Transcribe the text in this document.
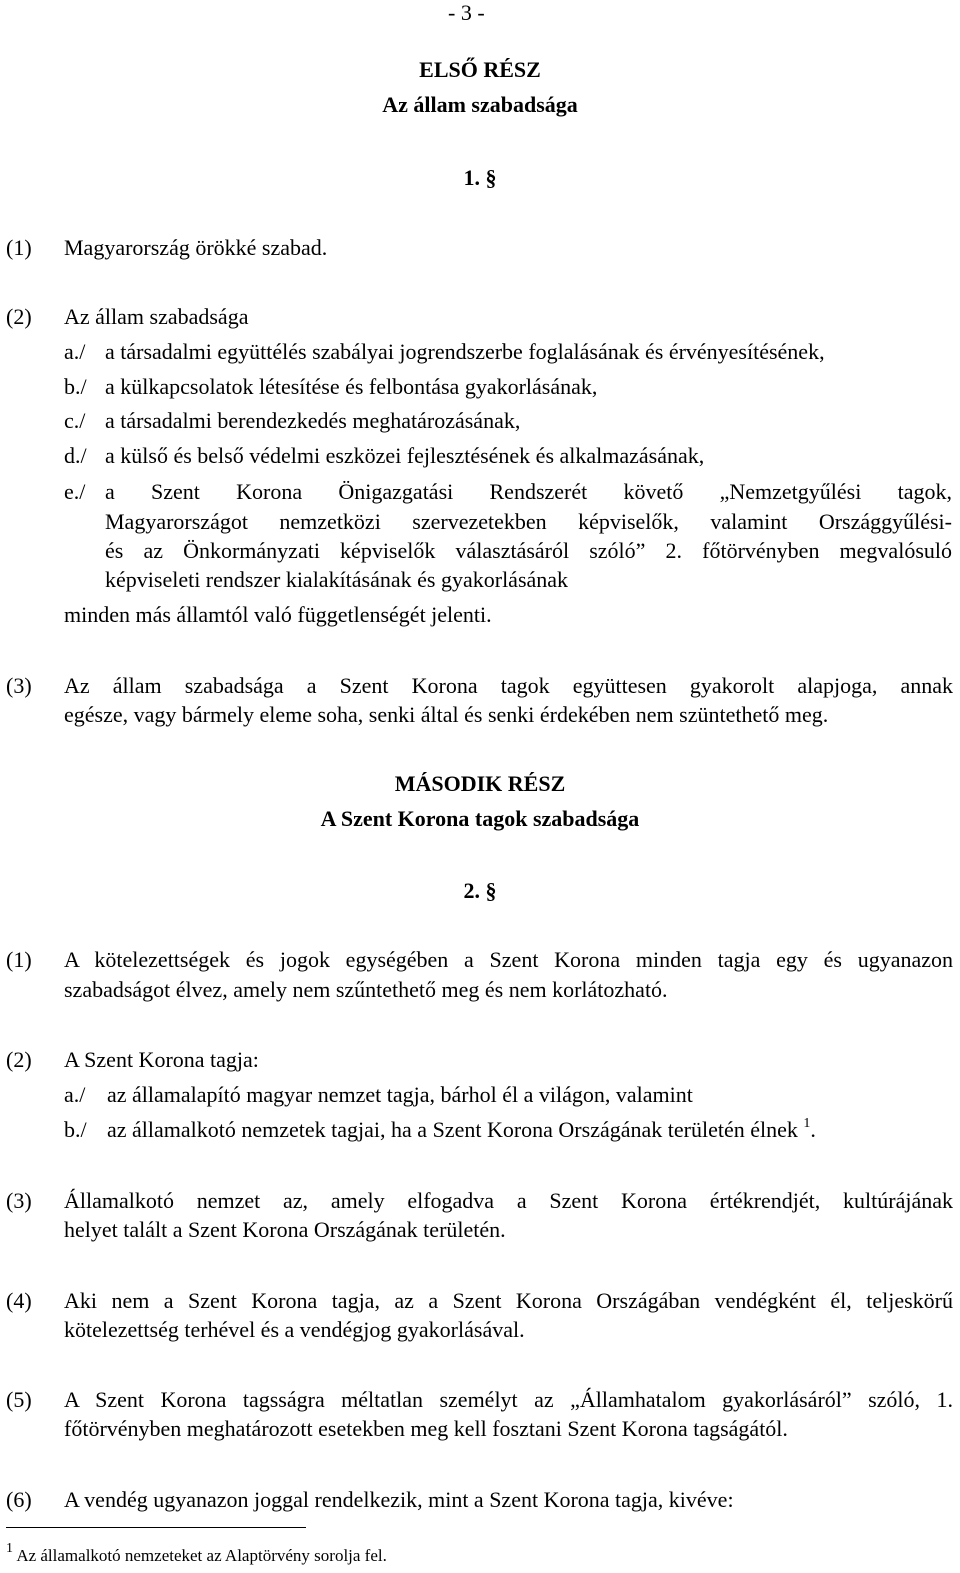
- 3 -
ELSŐ RÉSZ
Az állam szabadsága
1. §
(1) Magyarország örökké szabad.
(2) Az állam szabadsága
a./ a társadalmi együttélés szabályai jogrendszerbe foglalásának és érvényesítésének,
b./ a külkapcsolatok létesítése és felbontása gyakorlásának,
c./ a társadalmi berendezkedés meghatározásának,
d./ a külső és belső védelmi eszközei fejlesztésének és alkalmazásának,
e./ a Szent Korona Önigazgatási Rendszerét követő „Nemzetgyűlési tagok,
Magyarországot nemzetközi szervezetekben képviselők, valamint Országgyűlési-
és az Önkormányzati képviselők választásáról szóló” 2. főtörvényben megvalósuló
képviseleti rendszer kialakításának és gyakorlásának
minden más államtól való függetlenségét jelenti.
(3) Az állam szabadsága a Szent Korona tagok együttesen gyakorolt alapjoga, annak
egésze, vagy bármely eleme soha, senki által és senki érdekében nem szüntethető meg.
MÁSODIK RÉSZ
A Szent Korona tagok szabadsága
2. §
(1) A kötelezettségek és jogok egységében a Szent Korona minden tagja egy és ugyanazon
szabadságot élvez, amely nem szűntethető meg és nem korlátozható.
(2) A Szent Korona tagja:
a./ az államalapító magyar nemzet tagja, bárhol él a világon, valamint
b./ az államalkotó nemzetek tagjai, ha a Szent Korona Országának területén élnek $^1$.
(3) Államalkotó nemzet az, amely elfogadva a Szent Korona értékrendjét, kultúrájának
helyet talált a Szent Korona Országának területén.
(4) Aki nem a Szent Korona tagja, az a Szent Korona Országában vendégként él, teljeskörű
kötelezettség terhével és a vendégjog gyakorlásával.
(5) A Szent Korona tagsságra méltatlan személyt az „Államhatalom gyakorlásáról” szóló, 1.
főtörvényben meghatározott esetekben meg kell fosztani Szent Korona tagságától.
(6) A vendég ugyanazon joggal rendelkezik, mint a Szent Korona tagja, kivéve:
$^1$ Az államalkotó nemzeteket az Alaptörvény sorolja fel.
